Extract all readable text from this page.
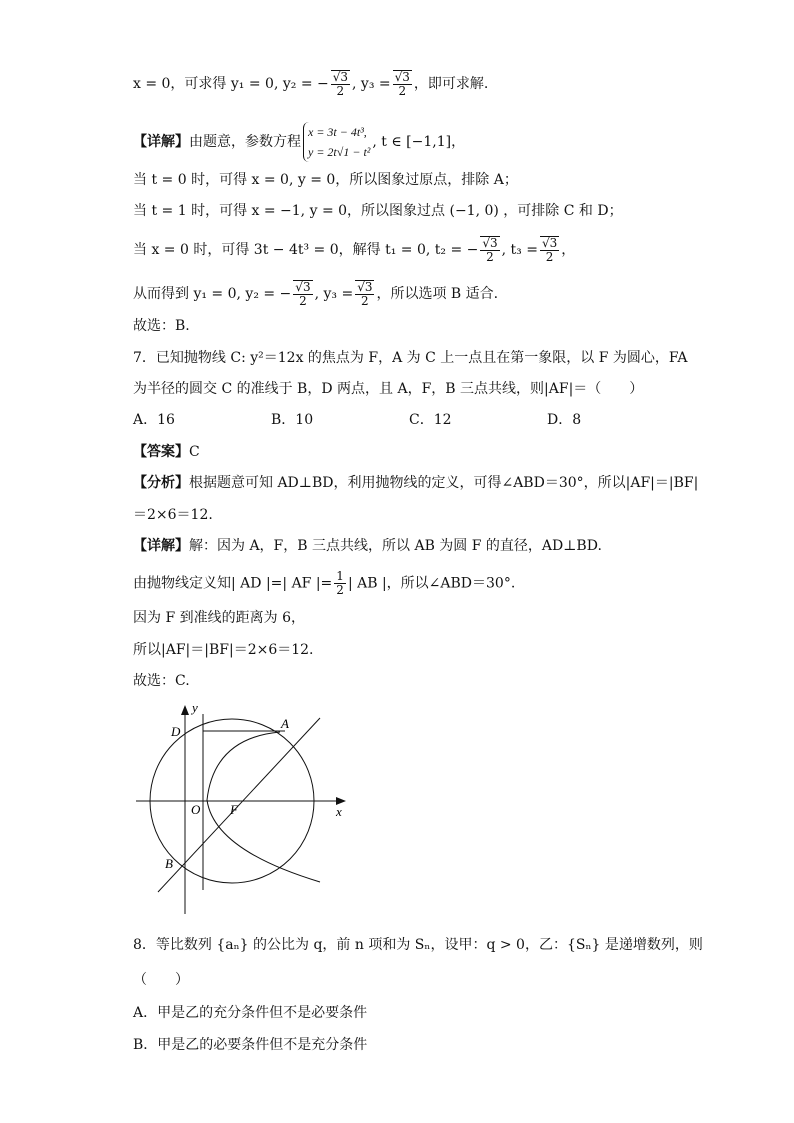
x = 0，可求得 y₁ = 0, y₂ = − $\frac{√3}{2}$ , $y_3 = \frac{√3}{2}$ ，即可求解.
【详解】由题意，参数方程
x = 3t − 4t³,
y = 2t√1 − t²
, t ∈ [−1,1]，
当 t = 0 时，可得 x = 0, y = 0，所以图象过原点，排除 A；
当 t = 1 时，可得 x = −1, y = 0，所以图象过点 (−1, 0) ，可排除 C 和 D；
当 x = 0 时，可得 3t − 4t³ = 0，解得 t₁ = 0, t₂ = − $\frac{√3}{2}$ , $t_3 = \frac{√3}{2}$ ，
从而得到 y₁ = 0, y₂ = − $\frac{√3}{2}$ , $y_3 = \frac{√3}{2}$ ，所以选项 B 适合.
故选：B.
7．已知抛物线 C: y²＝12x 的焦点为 F，A 为 C 上一点且在第一象限，以 F 为圆心，FA
为半径的圆交 C 的准线于 B，D 两点，且 A，F，B 三点共线，则|AF|＝（　　）
A．16	B．10	C．12	D．8
【答案】C
【分析】根据题意可知 AD⊥BD，利用抛物线的定义，可得∠ABD＝30°，所以|AF|＝|BF|
＝2×6＝12.
【详解】解：因为 A，F，B 三点共线，所以 AB 为圆 F 的直径，AD⊥BD.
由抛物线定义知| AD |=| AF |= $\frac{1}{2}$ | AB |，所以∠ABD＝30°.
因为 F 到准线的距离为 6，
所以|AF|＝|BF|＝2×6＝12.
故选：C.
y
x
O F
A
B
D
8．等比数列 {aₙ} 的公比为 q，前 n 项和为 Sₙ，设甲：q > 0，乙：{Sₙ} 是递增数列，则
（　　）
A．甲是乙的充分条件但不是必要条件
B．甲是乙的必要条件但不是充分条件
